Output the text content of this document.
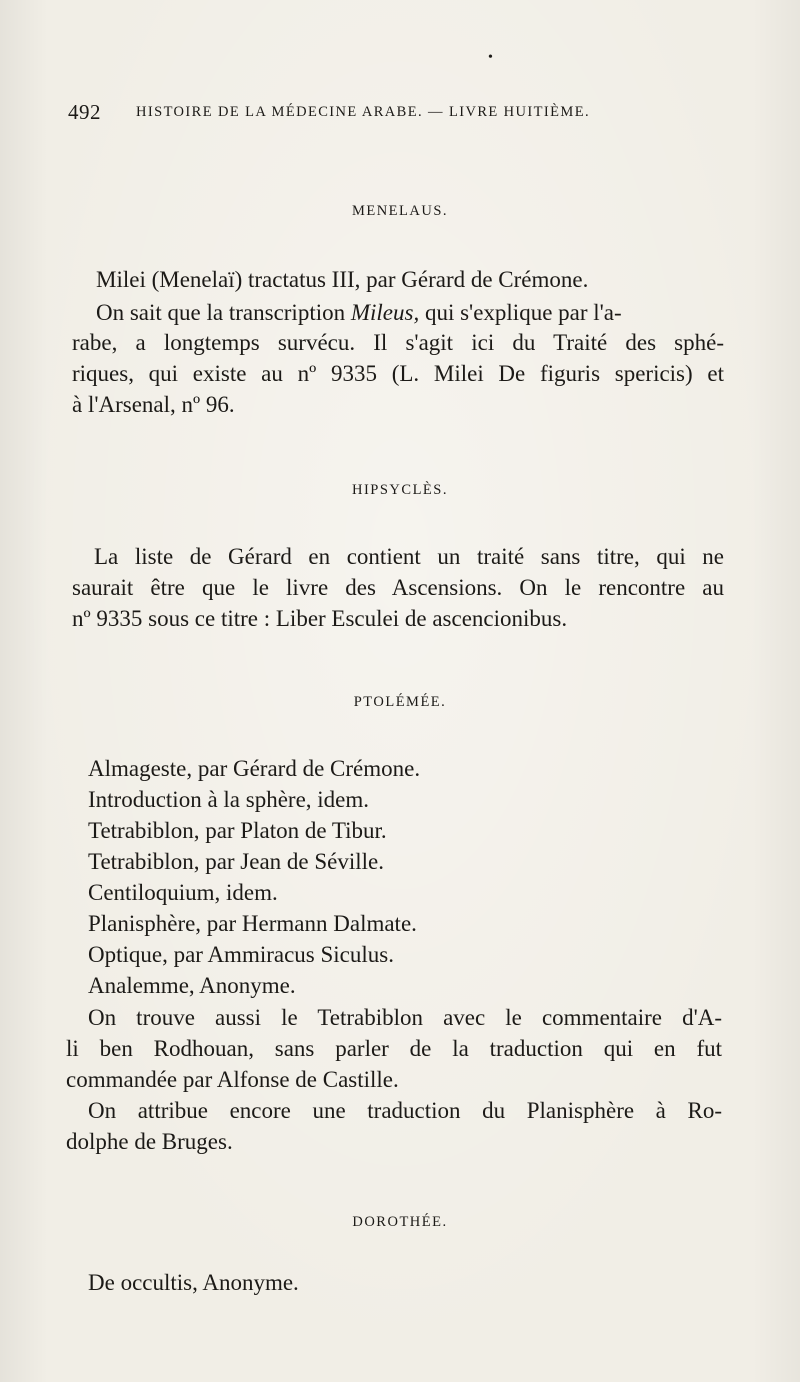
•
492 HISTOIRE DE LA MÉDECINE ARABE. — LIVRE HUITIÈME.
MENELAUS.
Milei (Menelaï) tractatus III, par Gérard de Crémone.
On sait que la transcription Mileus, qui s'explique par l'a-
rabe, a longtemps survécu. Il s'agit ici du Traité des sphé-
riques, qui existe au nº 9335 (L. Milei De figuris spericis) et
à l'Arsenal, nº 96.
HIPSYCLÈS.
La liste de Gérard en contient un traité sans titre, qui ne
saurait être que le livre des Ascensions. On le rencontre au
nº 9335 sous ce titre : Liber Esculei de ascencionibus.
PTOLÉMÉE.
Almageste, par Gérard de Crémone.
Introduction à la sphère, idem.
Tetrabiblon, par Platon de Tibur.
Tetrabiblon, par Jean de Séville.
Centiloquium, idem.
Planisphère, par Hermann Dalmate.
Optique, par Ammiracus Siculus.
Analemme, Anonyme.
On trouve aussi le Tetrabiblon avec le commentaire d'A-
li ben Rodhouan, sans parler de la traduction qui en fut
commandée par Alfonse de Castille.
On attribue encore une traduction du Planisphère à Ro-
dolphe de Bruges.
DOROTHÉE.
De occultis, Anonyme.
